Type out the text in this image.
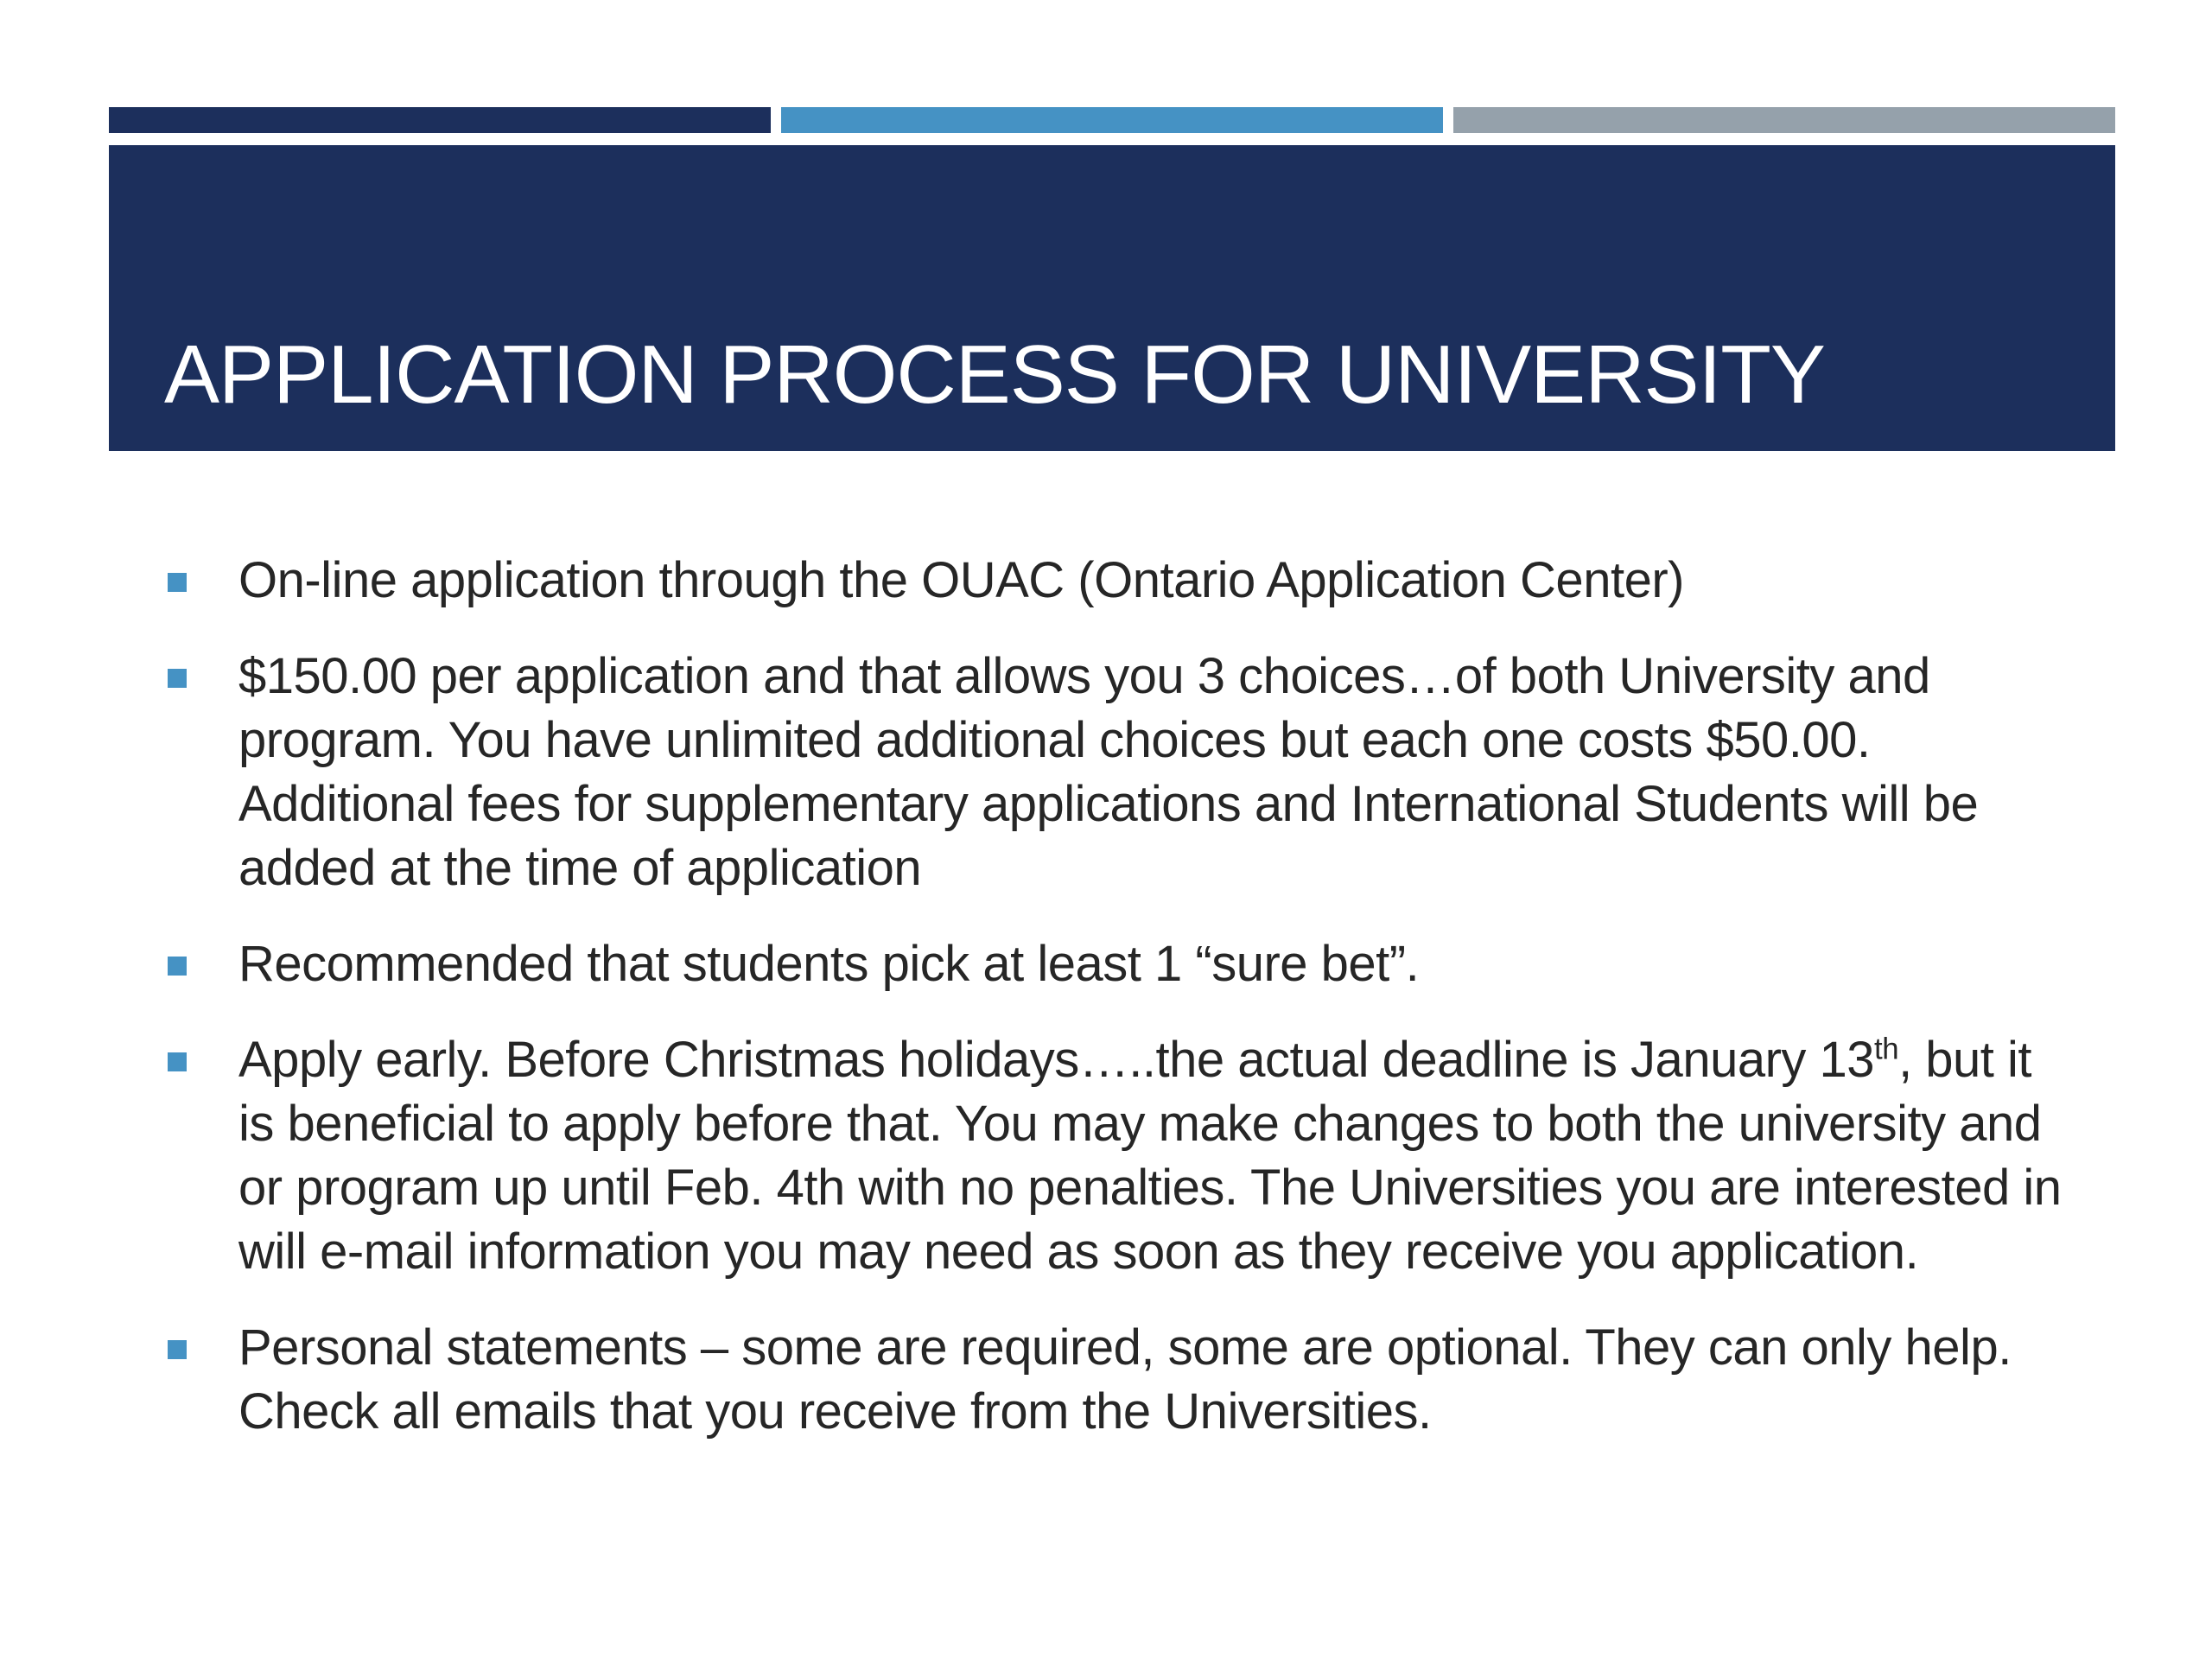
APPLICATION PROCESS FOR UNIVERSITY
On-line application through the OUAC (Ontario Application Center)
$150.00 per application and that allows you 3 choices…of both University and program. You have unlimited additional choices but each one costs $50.00. Additional fees for supplementary applications and International Students will be added at the time of application
Recommended that students pick at least 1 “sure bet”.
Apply early. Before Christmas holidays…..the actual deadline is January 13th, but it is beneficial to apply before that. You may make changes to both the university and or program up until Feb. 4th with no penalties. The Universities you are interested in will e-mail information you may need as soon as they receive you application.
Personal statements – some are required, some are optional. They can only help. Check all emails that you receive from the Universities.
